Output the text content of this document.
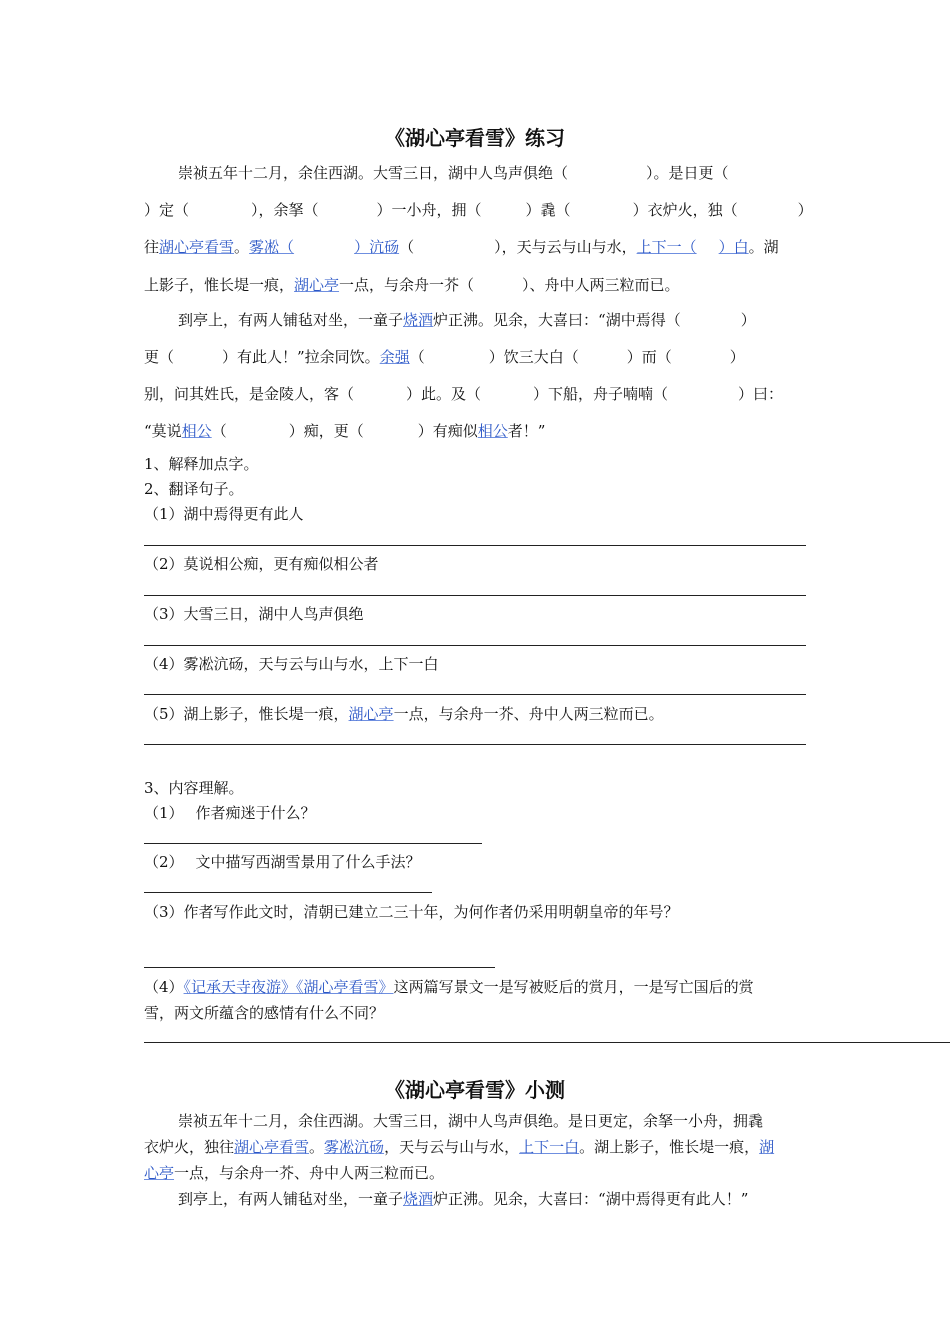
《湖心亭看雪》练习
崇祯五年十二月，余住西湖。大雪三日，湖中人鸟声俱绝（	）。是日更（
）定（	），余拏（	）一小舟，拥（	）毳（	）衣炉火，独（	）
往湖心亭看雪。雾凇（	）沆砀（	），天与云与山与水，上下一（ ）白。湖
上影子，惟长堤一痕，湖心亭一点，与余舟一芥（	）、舟中人两三粒而已。
到亭上，有两人铺毡对坐，一童子烧酒炉正沸。见余，大喜曰：“湖中焉得（	）
更（	）有此人！”拉余同饮。余强（	）饮三大白（	）而（	）
别，问其姓氏，是金陵人，客（	）此。及（	）下船，舟子喃喃（	）曰：
“莫说相公（	）痴，更（	）有痴似相公者！”
1、解释加点字。
2、翻译句子。
（1）湖中焉得更有此人
（2）莫说相公痴，更有痴似相公者
（3）大雪三日，湖中人鸟声俱绝
（4）雾凇沆砀，天与云与山与水，上下一白
（5）湖上影子，惟长堤一痕，湖心亭一点，与余舟一芥、舟中人两三粒而已。
3、内容理解。
（1） 作者痴迷于什么？
（2） 文中描写西湖雪景用了什么手法？
（3）作者写作此文时，清朝已建立二三十年，为何作者仍采用明朝皇帝的年号？
（4）《记承天寺夜游》《湖心亭看雪》这两篇写景文一是写被贬后的赏月，一是写亡国后的赏
雪，两文所蕴含的感情有什么不同？
《湖心亭看雪》小测
崇祯五年十二月，余住西湖。大雪三日，湖中人鸟声俱绝。是日更定，余拏一小舟，拥毳
衣炉火，独往湖心亭看雪。雾凇沆砀，天与云与山与水，上下一白。湖上影子，惟长堤一痕，湖
心亭一点，与余舟一芥、舟中人两三粒而已。
到亭上，有两人铺毡对坐，一童子烧酒炉正沸。见余，大喜曰：“湖中焉得更有此人！”
